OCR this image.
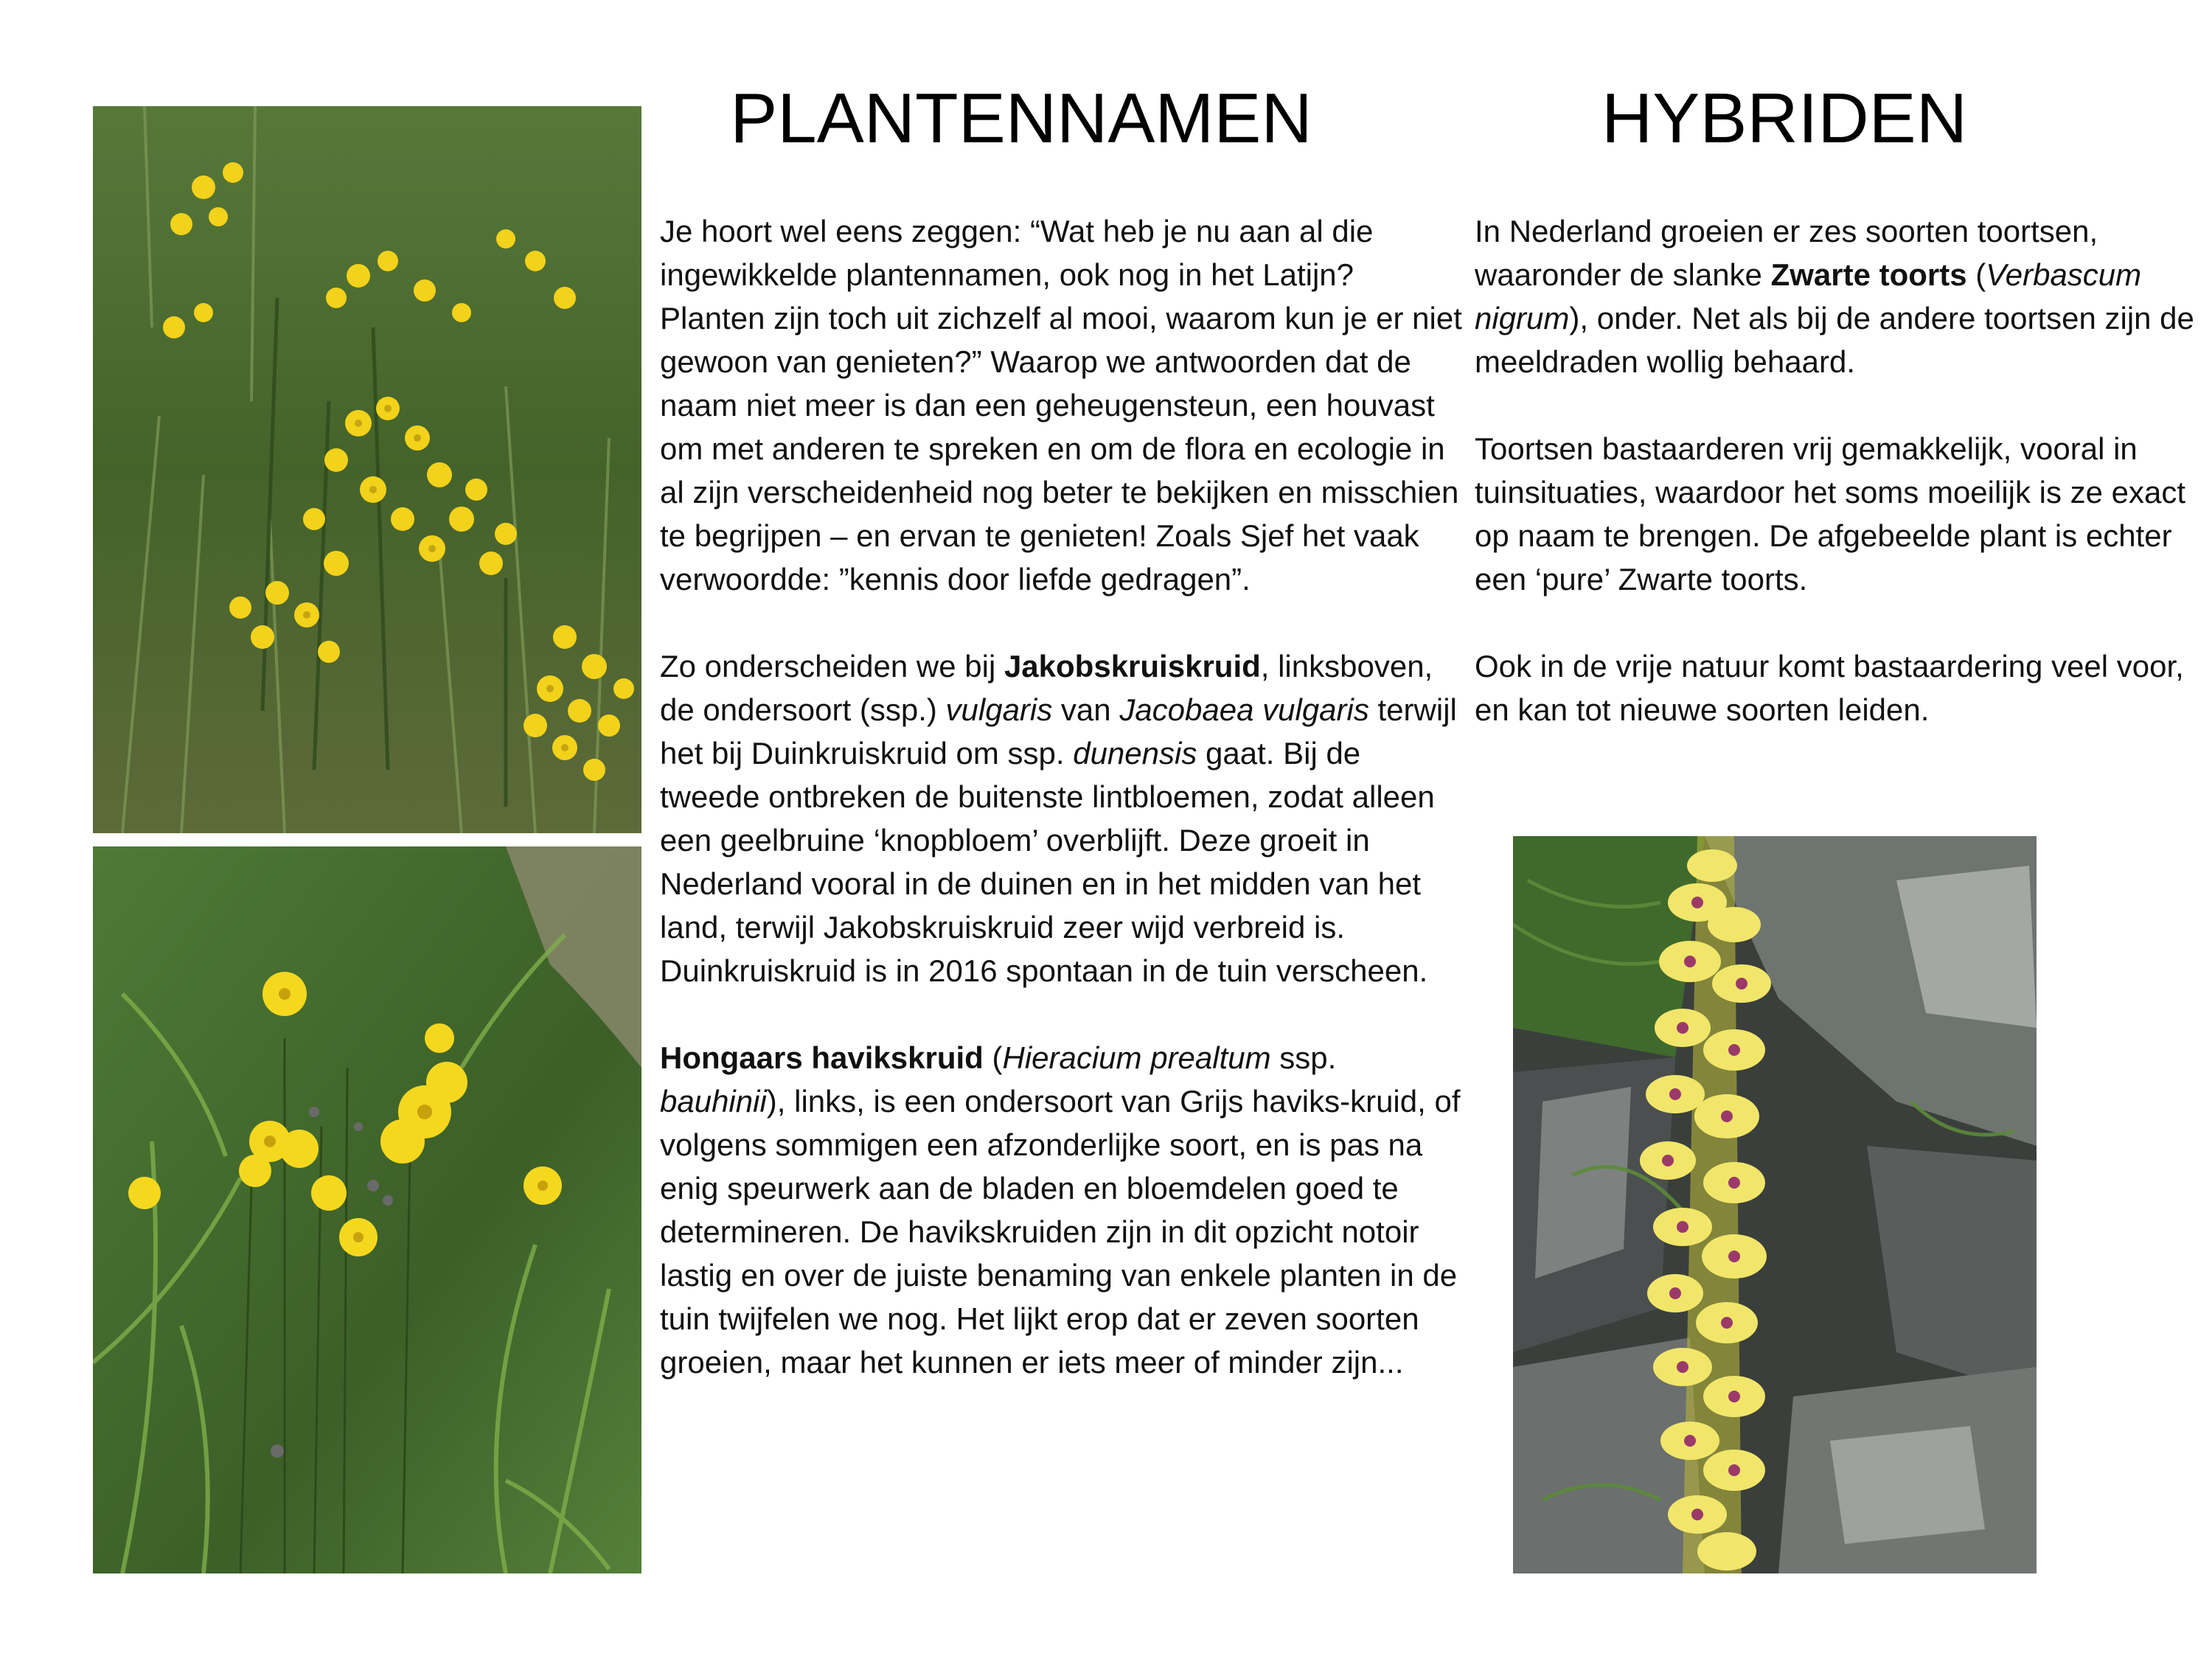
PLANTENNAMEN	HYBRIDEN

Je hoort wel eens zeggen: “Wat heb je nu aan al die ingewikkelde plantennamen, ook nog in het Latijn? Planten zijn toch uit zichzelf al mooi, waarom kun je er niet gewoon van genieten?” Waarop we antwoorden dat de naam niet meer is dan een geheugensteun, een houvast om met anderen te spreken en om de flora en ecologie in al zijn verscheidenheid nog beter te bekijken en misschien te begrijpen – en ervan te genieten! Zoals Sjef het vaak verwoordde: ”kennis door liefde gedragen”.

Zo onderscheiden we bij Jakobskruiskruid, linksboven, de ondersoort (ssp.) vulgaris van Jacobaea vulgaris terwijl het bij Duinkruiskruid om ssp. dunensis gaat. Bij de tweede ontbreken de buitenste lintbloemen, zodat alleen een geelbruine ‘knopbloem’ overblijft. Deze groeit in Nederland vooral in de duinen en in het midden van het land, terwijl Jakobskruiskruid zeer wijd verbreid is. Duinkruiskruid is in 2016 spontaan in de tuin verscheen.

Hongaars havikskruid (Hieracium prealtum ssp. bauhinii), links, is een ondersoort van Grijs haviks-kruid, of volgens sommigen een afzonderlijke soort, en is pas na enig speurwerk aan de bladen en bloemdelen goed te determineren. De havikskruiden zijn in dit opzicht notoir lastig en over de juiste benaming van enkele planten in de tuin twijfelen we nog. Het lijkt erop dat er zeven soorten groeien, maar het kunnen er iets meer of minder zijn...

In Nederland groeien er zes soorten toortsen, waaronder de slanke Zwarte toorts (Verbascum nigrum), onder. Net als bij de andere toortsen zijn de meeldraden wollig behaard.

Toortsen bastaarderen vrij gemakkelijk, vooral in tuinsituaties, waardoor het soms moeilijk is ze exact op naam te brengen. De afgebeelde plant is echter een ‘pure’ Zwarte toorts.

Ook in de vrije natuur komt bastaardering veel voor, en kan tot nieuwe soorten leiden.
